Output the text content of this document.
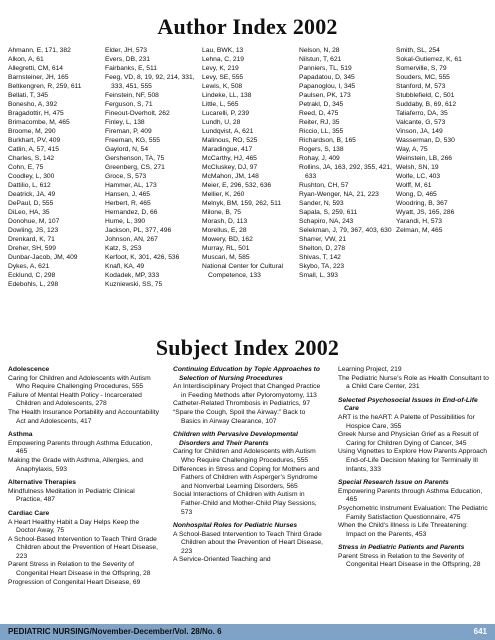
Author Index 2002
Ahmann, E, 171, 382
Alkon, A, 61
Allegretti, CM, 614
Barnsteiner, JH, 165
Beltkengren, R, 259, 611
Bellati, T, 345
Bonesho, A, 392
Bragadottir, H, 475
Brimacombe, M, 465
Broome, M, 290
Burkhart, PV, 409
Catlin, A, 57, 415
Charles, S, 142
Cohn, E, 75
Coodley, L, 300
Dattilio, L, 612
Deatrick, JA, 49
DePaul, D, 555
DiLeo, HA, 35
Donohue, M, 107
Dowling, JS, 123
Drenkard, K, 71
Dreher, SH, 599
Dunbar-Jacob, JM, 409
Dykes, A, 621
Ecklund, C, 298
Edebohls, L, 298
Elder, JH, 573
Evers, DB, 231
Fairbanks, E, 511
Feeg, VD, 8, 19, 92, 214, 331, 333, 451, 555
Feinstein, NF, 508
Ferguson, S, 71
Fineout-Overholt, 262
Finley, L, 138
Fireman, P, 409
Freeman, KG, 555
Gaylord, N, 54
Gershenson, TA, 75
Greenberg, CS, 271
Groce, S, 573
Hammer, AL, 173
Hansen, J, 465
Herbert, R, 465
Hernandez, D, 66
Hume, L, 390
Jackson, PL, 377, 496
Johnson, AN, 267
Katz, S, 253
Kerfoot, K, 301, 426, 536
Knafl, KA, 49
Kodadek, MP, 333
Kuzniewski, SS, 75
Lau, BWK, 13
Lehna, C, 219
Levy, K, 219
Levy, SE, 555
Lewis, K, 508
Lindeke, LL, 138
Little, L, 565
Lucarelli, P, 239
Lundh, U, 28
Lundqvist, A, 621
Malinous, RO, 525
Maradingue, 417
McCarthy, HJ, 465
McCluskey, DJ, 97
McMahon, JM, 148
Meier, E, 296, 532, 636
Mellier, K, 260
Melnyk, BM, 159, 262, 511
Milone, B, 75
Morash, D, 113
Morellus, E, 28
Mowery, BD, 162
Murray, RL, 501
Muscari, M, 585
National Center for Cultural Competence, 133
Nelson, N, 28
Nilstun, T, 621
Panniers, TL, 519
Papadatou, D, 345
Papanoglou, I, 345
Paulsen, PK, 173
Petrakl, D, 345
Reed, D, 475
Reiter, RJ, 35
Riccio, LL, 355
Richardson, B, 165
Rogers, S, 138
Rohay, J, 409
Rollins, JA, 163, 292, 355, 421, 633
Rushton, CH, 57
Ryan-Wenger, NA, 21, 223
Sander, N, 593
Sapala, S, 259, 611
Schapiro, NA, 243
Selekman, J, 79, 367, 403, 630
Sharrer, VW, 21
Shelton, D, 278
Shivas, T, 142
Skybo, TA, 223
Small, L, 393
Smith, SL, 254
Sokal-Gutierrez, K, 61
Somerville, S, 79
Souders, MC, 555
Stanford, M, 573
Stubblefield, C, 501
Suddaby, B, 69, 612
Taliaferro, DA, 35
Valcante, G, 573
Vinson, JA, 149
Wasserman, D, 530
Way, A, 75
Weinstein, LB, 266
Welsh, SN, 19
Wolfe, LC, 403
Wolff, M, 61
Wong, D, 465
Woodring, B, 367
Wyatt, JS, 165, 286
Yarandi, H, 573
Zelman, M, 465
Subject Index 2002
Adolescence
Caring for Children and Adolescents with Autism Who Require Challenging Procedures, 555
Failure of Mental Health Policy - Incarcerated Children and Adolescents, 278
The Health Insurance Portability and Accountability Act and Adolescents, 417
Asthma
Empowering Parents through Asthma Education, 465
Making the Grade with Asthma, Allergies, and Anaphylaxis, 593
Alternative Therapies
Mindfulness Meditation in Pediatric Clinical Practice, 487
Cardiac Care
A Heart Healthy Habit a Day Helps Keep the Doctor Away, 75
A School-Based Intervention to Teach Third Grade Children about the Prevention of Heart Disease, 223
Parent Stress in Relation to the Severity of Congenital Heart Disease in the Offspring, 28
Progression of Congenital Heart Disease, 69
Continuing Education by Topic Approaches to Selection of Nursing Procedures
An Interdisciplinary Project that Changed Practice in Feeding Methods after Pyloromyotomy, 113
Catheter-Related Thrombosis in Pediatrics, 97
“Spare the Cough, Spoil the Airway:” Back to Basics in Airway Clearance, 107
Children with Pervasive Developmental Disorders and Their Parents
Caring for Children and Adolescents with Autism Who Require Challenging Procedures, 555
Differences in Stress and Coping for Mothers and Fathers of Children with Asperger’s Syndrome and Nonverbal Learning Disorders, 565
Social Interactions of Children with Autism in Father-Child and Mother-Child Play Sessions, 573
Nonhospital Roles for Pediatric Nurses
A School-Based Intervention to Teach Third Grade Children about the Prevention of Heart Disease, 223
A Service-Oriented Teaching and
Learning Project, 219
The Pediatric Nurse’s Role as Health Consultant to a Child Care Center, 231
Selected Psychosocial Issues in End-of-Life Care
ART is the heART: A Palette of Possibilities for Hospice Care, 355
Greek Nurse and Physician Grief as a Result of Caring for Children Dying of Cancer, 345
Using Vignettes to Explore How Parents Approach End-of-Life Decision Making for Terminally Ill Infants, 333
Special Research Issue on Parents
Empowering Parents through Asthma Education, 465
Psychometric Instrument Evaluation: The Pediatric Family Satisfaction Questionnaire, 475
When the Child’s Illness is Life Threatening: Impact on the Parents, 453
Stress in Pediatric Patients and Parents
Parent Stress in Relation to the Severity of Congenital Heart Disease in the Offspring, 28
PEDIATRIC NURSING/November-December/Vol. 28/No. 6	641
